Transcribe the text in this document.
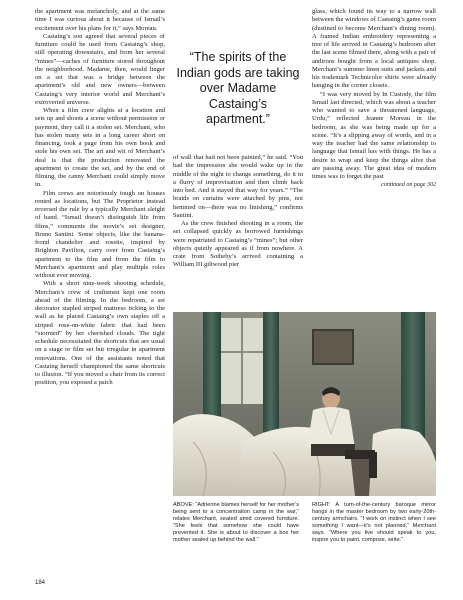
the apartment was melancholy, and at the same time I was curious about it because of Ismail’s excitement over his plans for it,” says Moreau.

Castaing’s son agreed that several pieces of furniture could be used from Castaing’s shop, still operating downstairs, and from her several “mines”—caches of furniture stored throughout the neighborhood. Madame, then, would linger on a set that was a bridge between the apartment’s old and new owners—between Castaing’s very interior world and Merchant’s extroverted universe.

When a film crew alights at a location and sets up and shoots a scene without permission or payment, they call it a stolen set. Merchant, who has stolen many sets in a long career short on financing, took a page from his own book and stole his own set. The art and wit of Merchant’s deal is that the production renovated the apartment to create the set, and by the end of filming, the canny Merchant could simply move in.

Film crews are notoriously tough on houses rented as locations, but The Proprietor instead reversed the rule by a typically Merchant sleight of hand. “Ismail doesn’t distinguish life from films,” comments the movie’s set designer, Bruno Santini. Some objects, like the banana-frond chandelier and rosette, inspired by Brighton Pavilion, carry over from Castaing’s apartment to the film and from the film to Merchant’s apartment and play multiple roles without ever moving.

With a short nine-week shooting schedule, Merchant’s crew of craftsmen kept one room ahead of the filming. In the bedroom, a set decorator stapled striped mattress ticking to the wall as he placed Castaing’s own staples off a striped rose-on-white fabric that had been “stormed” by her cherished clouds. The tight schedule necessitated the shortcuts that are usual on a stage or film set but irregular in apartment renovations. One of the assistants noted that Castaing herself championed the same shortcuts to illusion. “If you moved a chair from its correct position, you exposed a patch

“The spirits of the Indian gods are taking over Madame Castaing’s apartment.”

of wall that had not been painted,” he said. “You had the impression she would wake up in the middle of the night to change something, do it in a flurry of improvisation and then climb back into bed. And it stayed that way for years.” “The braids on curtains were attached by pins, not hemmed on—there was no finishing,” confirms Santini.

As the crew finished shooting in a room, the set collapsed quickly as borrowed furnishings were repatriated to Castaing’s “mines”; but other objects quietly appeared as if from nowhere. A crate from Sotheby’s arrived containing a William III giltwood pier

glass, which found its way to a narrow wall between the windows of Castaing’s game room (destined to become Merchant’s dining room). A framed Indian embroidery representing a tree of life arrived in Castaing’s bedroom after the last scene filmed there, along with a pair of andirons bought from a local antiques shop. Merchant’s summer linen suits and jackets and his trademark Technicolor shirts were already hanging in the corner closets.

“I was very moved by In Custody, the film Ismail last directed, which was about a teacher who wanted to save a threatened language, Urdu,” reflected Jeanne Moreau in the bedroom, as she was being made up for a scene. “It’s a slipping away of words, and in a way the teacher had the same relationship to language that Ismail has with things. He has a desire to wrap and keep the things alive that are passing away. The great idea of modern times was to forget the past

continued on page 302
ABOVE: “Adrienne blames herself for her mother’s being sent to a concentration camp in the war,” relates Merchant, seated amid covered furniture. “She feels that somehow she could have prevented it. She is about to discover a box her mother sealed up behind the wall.”
RIGHT: A turn-of-the-century baroque mirror hangs in the master bedroom by two early-20th-century armchairs. “I work on instinct when I see something I want—it’s not planned,” Merchant says. “Where you live should speak to you, inspire you to paint, compose, write.”
184
